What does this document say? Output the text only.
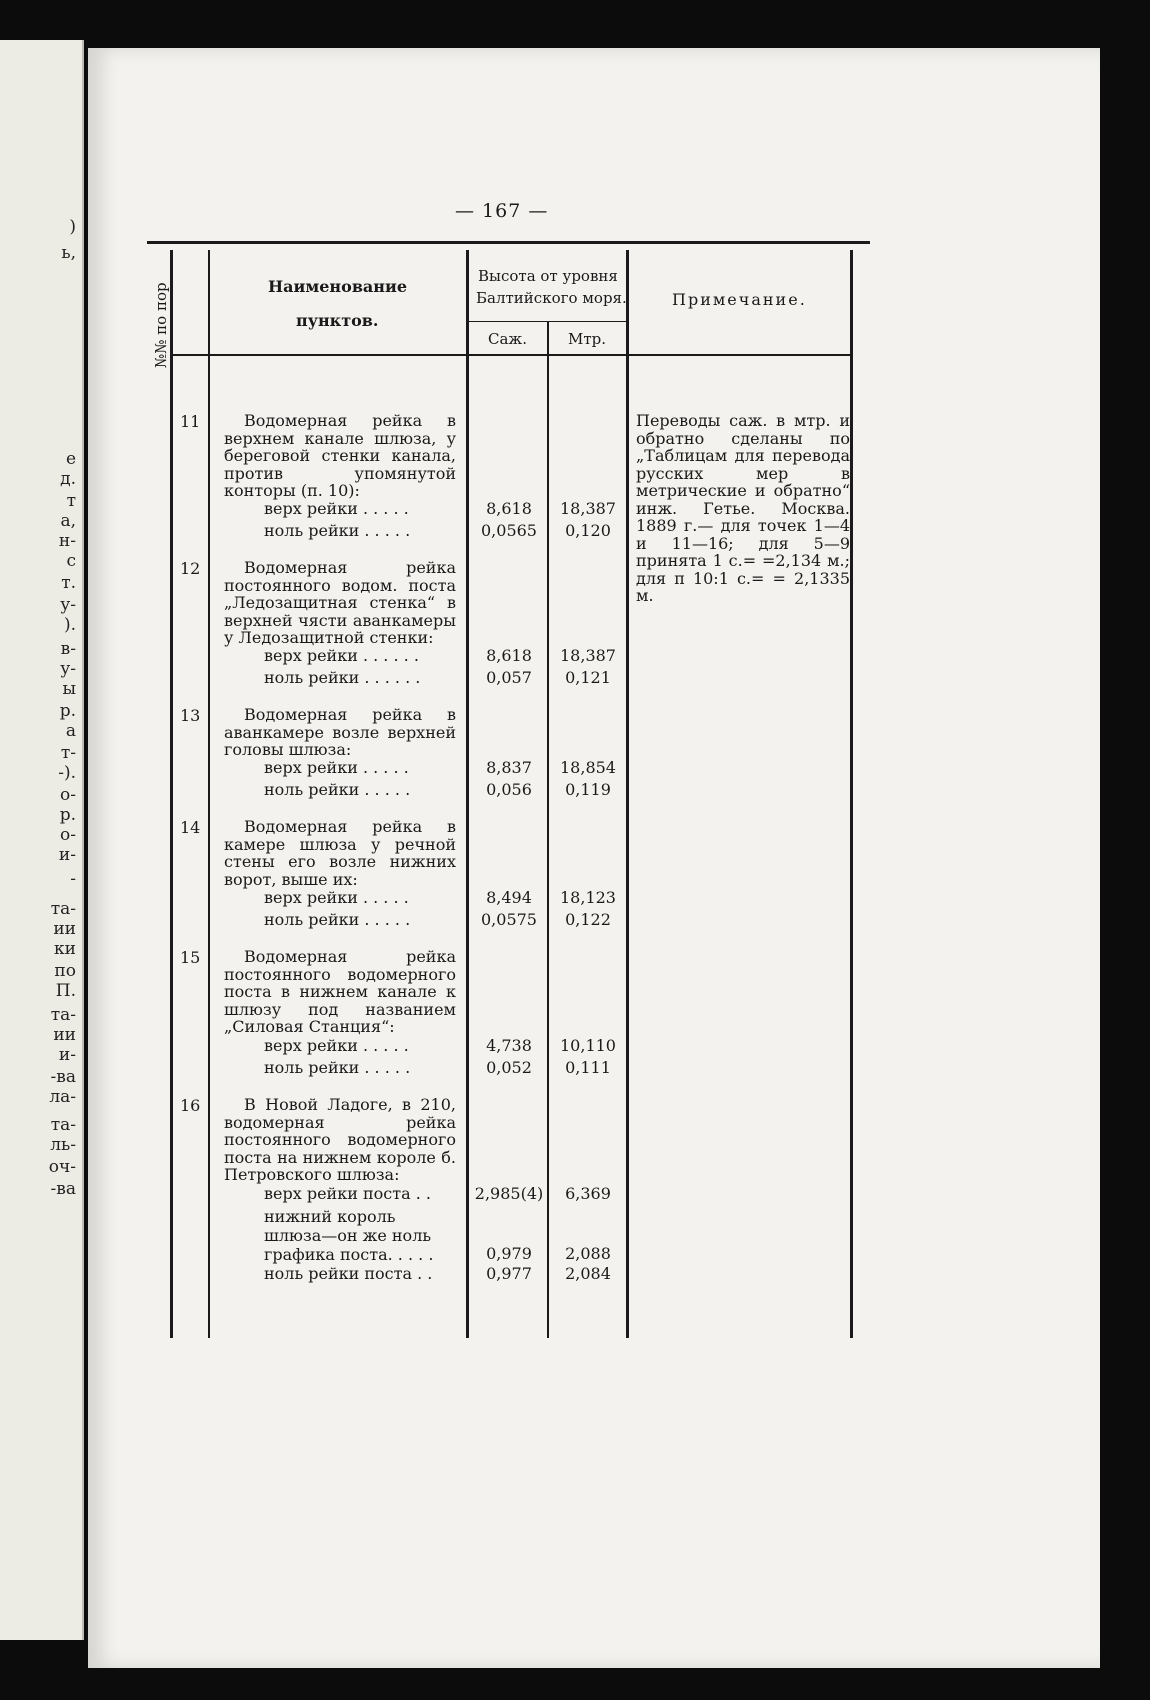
)
ь,
е
д.
т
а,
н-
с
т.
у-
).
в-
у-
ы
р.
а
т-
-).
о-
р.
о-
и-
-
та-
ии
ки
по
П.
та-
ии
и-
-ва
ла-
та-
ль-
оч-
-ва
— 167 —
№№ по пор	Наименование
пунктов.
Высота от уровня
Балтийского моря.
Саж.	Мтр.
Примечание.
11	Водомерная рейка в верхнем канале шлюза, у береговой стенки канала, против упомянутой конторы (п. 10):
верх рейки . . . . .	8,618	18,387
ноль рейки . . . . .	0,0565	0,120
12	Водомерная рейка постоянного водом. поста „Ледозащитная стенка“ в верхней чясти аванкамеры у Ледозащитной стенки:
верх рейки . . . . . .	8,618	18,387
ноль рейки . . . . . .	0,057	0,121
13	Водомерная рейка в аванкамере возле верхней головы шлюза:
верх рейки . . . . .	8,837	18,854
ноль рейки . . . . .	0,056	0,119
14	Водомерная рейка в камере шлюза у речной стены его возле нижних ворот, выше их:
верх рейки . . . . .	8,494	18,123
ноль рейки . . . . .	0,0575	0,122
15	Водомерная рейка постоянного водомерного поста в нижнем канале к шлюзу под названием „Силовая Станция“:
верх рейки . . . . .	4,738	10,110
ноль рейки . . . . .	0,052	0,111
16	В Новой Ладоге, в 210, водомерная рейка постоянного водомерного поста на нижнем короле б. Петровского шлюза:
верх рейки поста . .	2,985(4)	6,369
нижний король шлюза—он же ноль графика поста. . . . .	0,979	2,088
ноль рейки поста . .	0,977	2,084
Переводы саж. в мтр. и обратно сделаны по „Таблицам для перевода русских мер в метрические и обратно“ инж. Гетье. Москва. 1889 г.— для точек 1—4 и 11—16; для 5—9 принята 1 с.= =2,134 м.; для п 10:1 с.= = 2,1335 м.
